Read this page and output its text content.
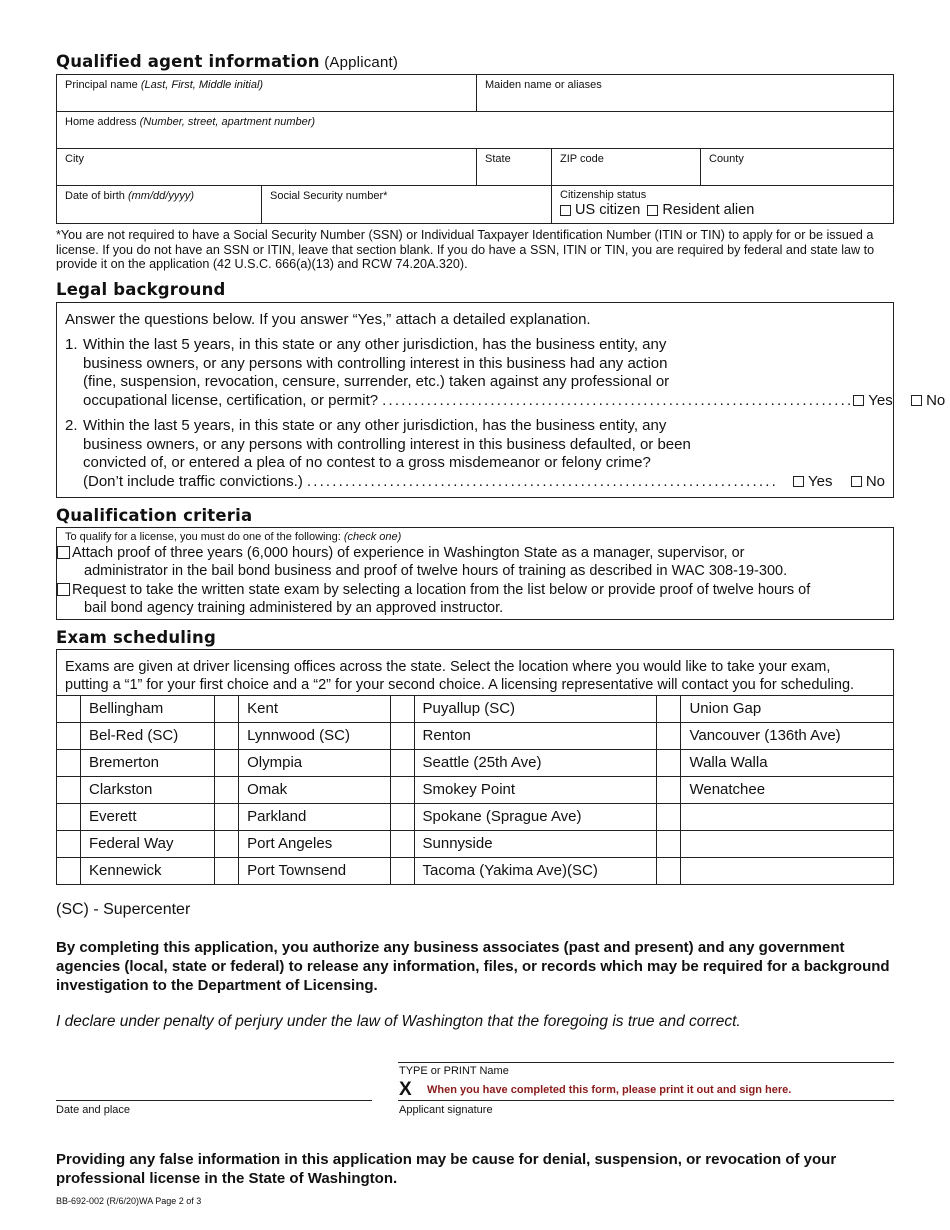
Qualified agent information (Applicant)
Principal name (Last, First, Middle initial)	Maiden name or aliases
Home address (Number, street, apartment number)
City	State	ZIP code	County
Date of birth (mm/dd/yyyy)	Social Security number*	Citizenship status
US citizen Resident alien
*You are not required to have a Social Security Number (SSN) or Individual Taxpayer Identification Number (ITIN or TIN) to apply for or be issued a license. If you do not have an SSN or ITIN, leave that section blank. If you do have a SSN, ITIN or TIN, you are required by federal and state law to provide it on the application (42 U.S.C. 666(a)(13) and RCW 74.20A.320).
Legal background
Answer the questions below. If you answer “Yes,” attach a detailed explanation.
1. Within the last 5 years, in this state or any other jurisdiction, has the business entity, any
business owners, or any persons with controlling interest in this business had any action
(fine, suspension, revocation, censure, surrender, etc.) taken against any professional or
occupational license, certification, or permit? .......................................................................... Yes No
2. Within the last 5 years, in this state or any other jurisdiction, has the business entity, any
business owners, or any persons with controlling interest in this business defaulted, or been
convicted of, or entered a plea of no contest to a gross misdemeanor or felony crime?
(Don’t include traffic convictions.) ..........................................................................	Yes No
Qualification criteria
To qualify for a license, you must do one of the following: (check one)
Attach proof of three years (6,000 hours) of experience in Washington State as a manager, supervisor, or
administrator in the bail bond business and proof of twelve hours of training as described in WAC 308-19-300.
Request to take the written state exam by selecting a location from the list below or provide proof of twelve hours of
bail bond agency training administered by an approved instructor.
Exam scheduling
Exams are given at driver licensing offices across the state. Select the location where you would like to take your exam,
putting a “1” for your first choice and a “2” for your second choice. A licensing representative will contact you for scheduling.
	Bellingham		Kent		Puyallup (SC)		Union Gap
	Bel-Red (SC)		Lynnwood (SC)		Renton		Vancouver (136th Ave)
	Bremerton		Olympia		Seattle (25th Ave)		Walla Walla
	Clarkston		Omak		Smokey Point		Wenatchee
	Everett		Parkland		Spokane (Sprague Ave)		
	Federal Way		Port Angeles		Sunnyside		
	Kennewick		Port Townsend		Tacoma (Yakima Ave)(SC)		
(SC) - Supercenter
By completing this application, you authorize any business associates (past and present) and any government agencies (local, state or federal) to release any information, files, or records which may be required for a background investigation to the Department of Licensing.
I declare under penalty of perjury under the law of Washington that the foregoing is true and correct.
TYPE or PRINT Name
X When you have completed this form, please print it out and sign here.
Date and place	Applicant signature
Providing any false information in this application may be cause for denial, suspension, or revocation of your professional license in the State of Washington.
BB-692-002 (R/6/20)WA Page 2 of 3
